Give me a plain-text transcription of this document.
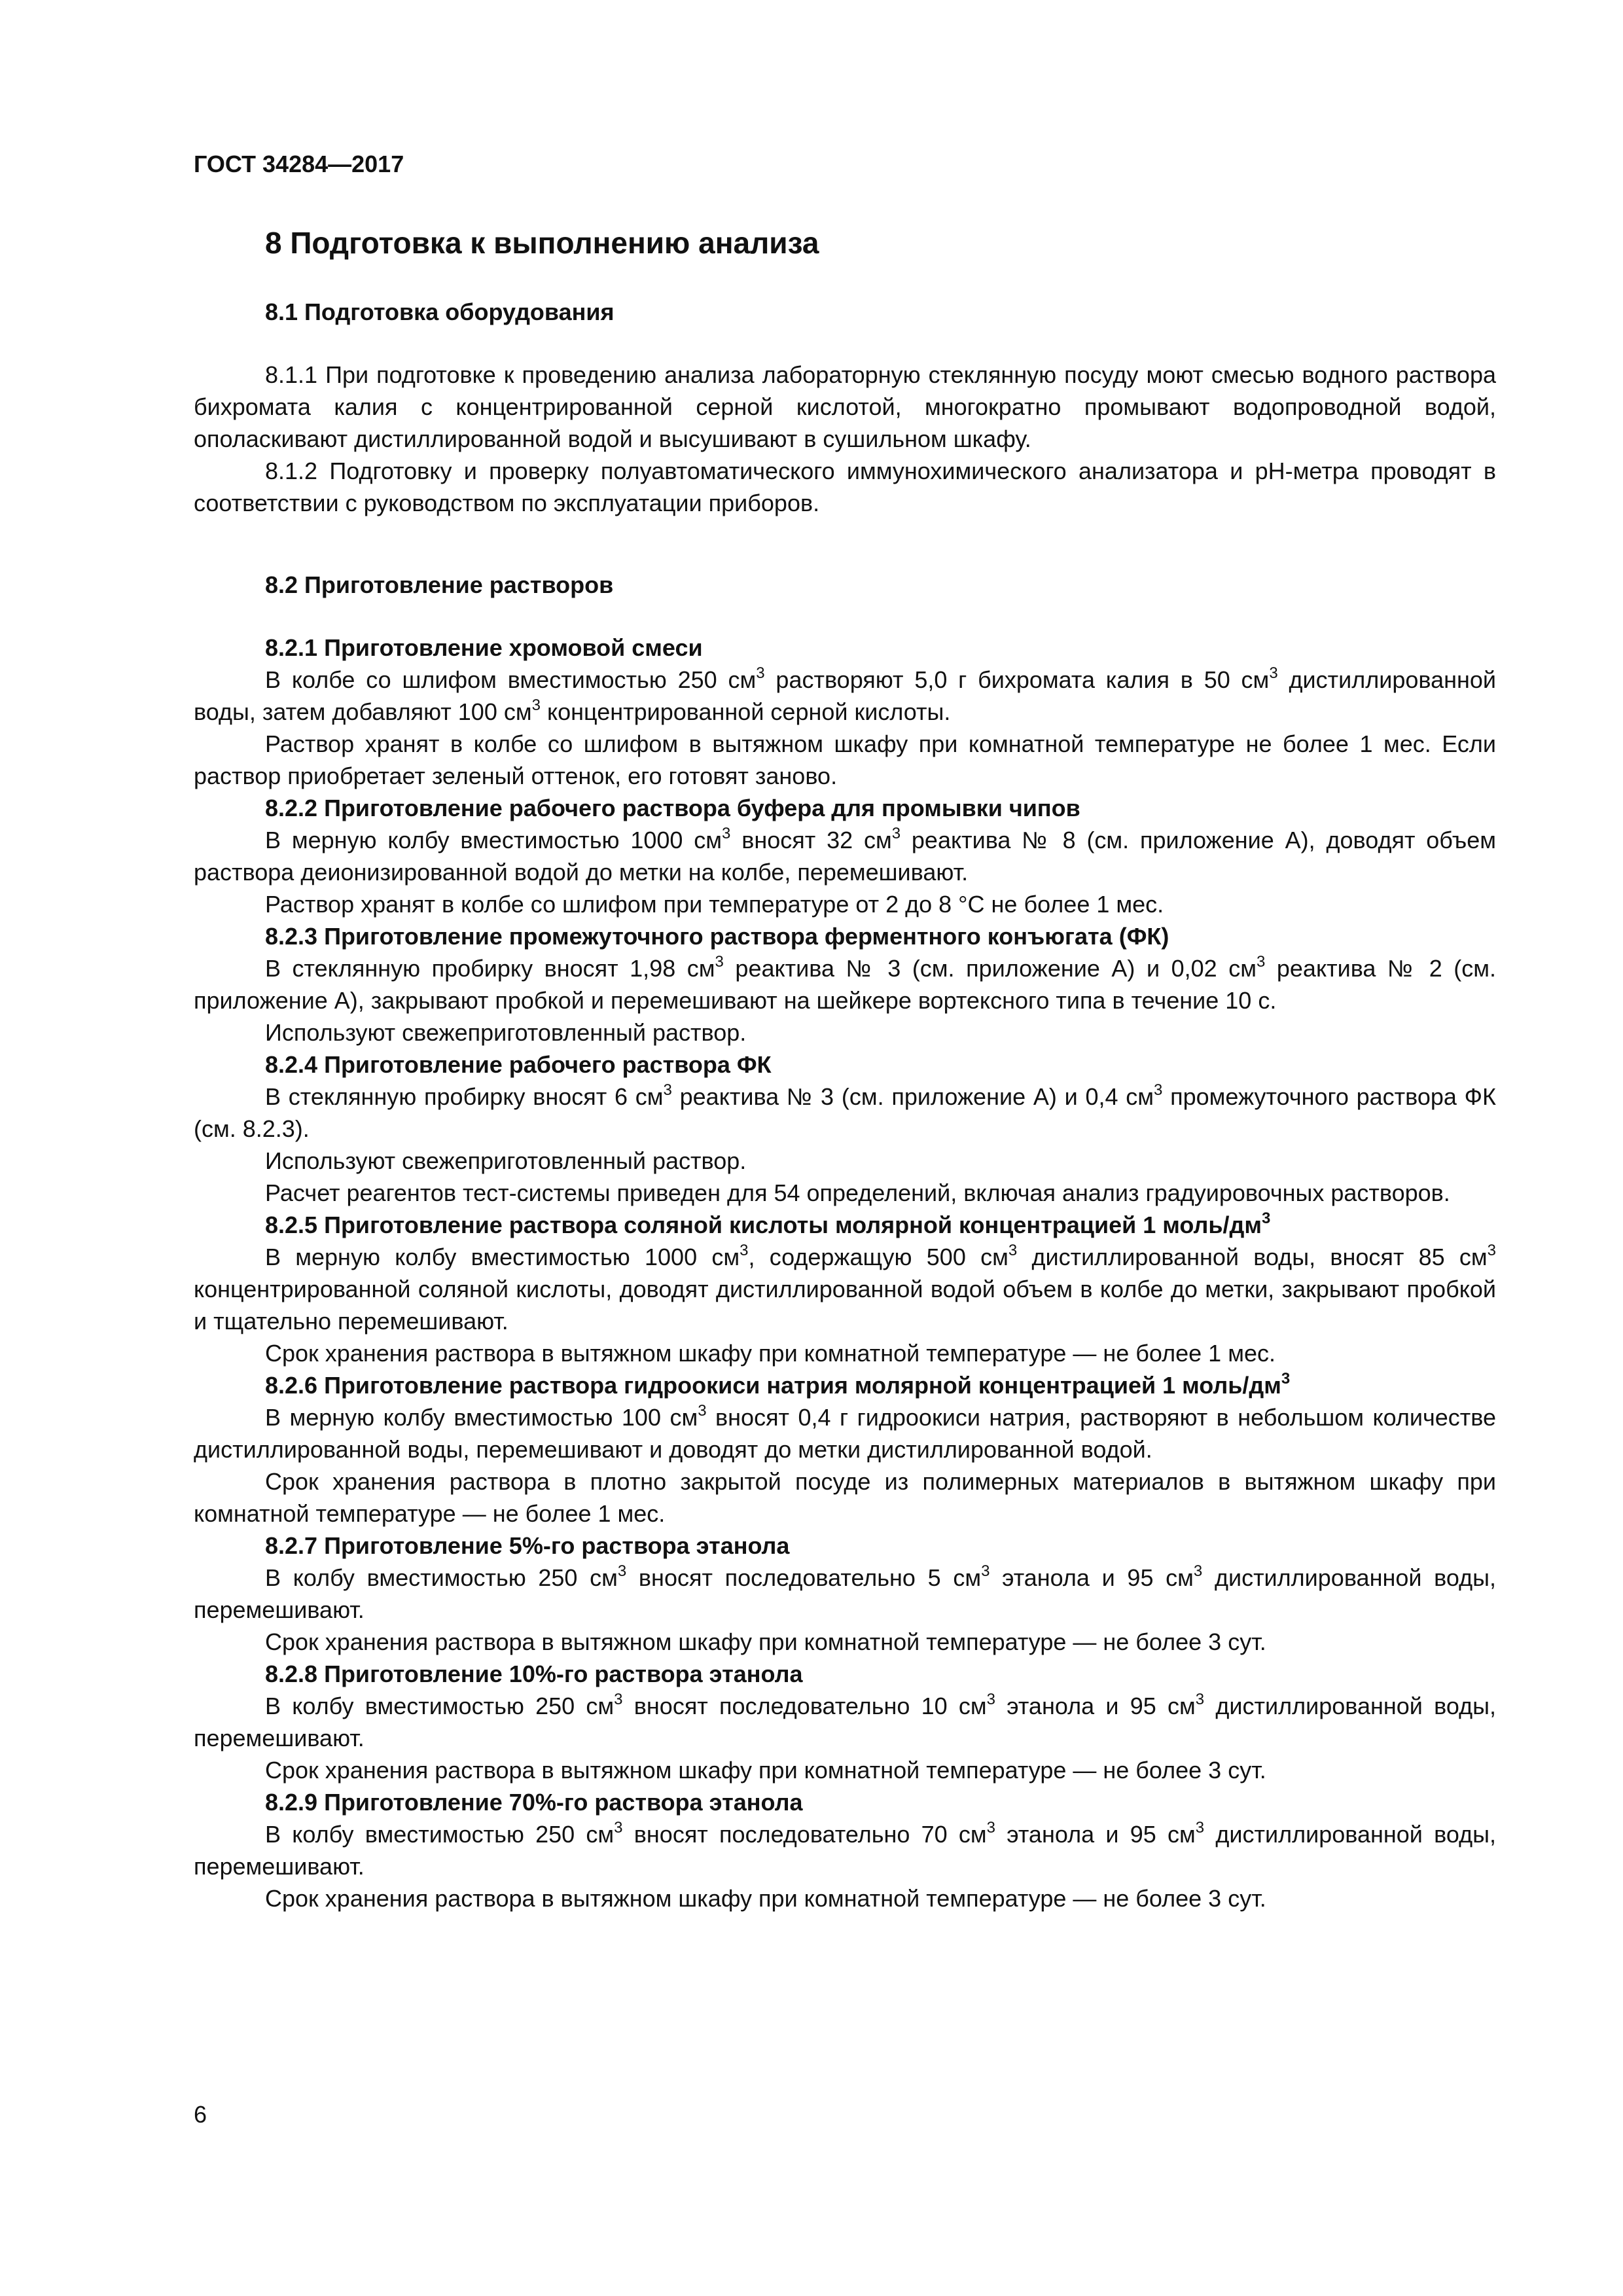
ГОСТ 34284—2017
8 Подготовка к выполнению анализа
8.1 Подготовка оборудования

8.1.1 При подготовке к проведению анализа лабораторную стеклянную посуду моют смесью водного раствора бихромата калия с концентрированной серной кислотой, многократно промывают водопроводной водой, ополаскивают дистиллированной водой и высушивают в сушильном шкафу.

8.1.2 Подготовку и проверку полуавтоматического иммунохимического анализатора и рН-метра проводят в соответствии с руководством по эксплуатации приборов.

8.2 Приготовление растворов
8.2.1 Приготовление хромовой смеси

В колбе со шлифом вместимостью 250 $см^3$ растворяют 5,0 г бихромата калия в 50 $см^3$ дистиллированной воды, затем добавляют 100 $см^3$ концентрированной серной кислоты.

Раствор хранят в колбе со шлифом в вытяжном шкафу при комнатной температуре не более 1 мес. Если раствор приобретает зеленый оттенок, его готовят заново.

8.2.2 Приготовление рабочего раствора буфера для промывки чипов

В мерную колбу вместимостью 1000 $см^3$ вносят 32 $см^3$ реактива № 8 (см. приложение А), доводят объем раствора деионизированной водой до метки на колбе, перемешивают.

Раствор хранят в колбе со шлифом при температуре от 2 до 8 °С не более 1 мес.

8.2.3 Приготовление промежуточного раствора ферментного конъюгата (ФК)

В стеклянную пробирку вносят 1,98 $см^3$ реактива № 3 (см. приложение А) и 0,02 $см^3$ реактива № 2 (см. приложение А), закрывают пробкой и перемешивают на шейкере вортексного типа в течение 10 с.

Используют свежеприготовленный раствор.

8.2.4 Приготовление рабочего раствора ФК

В стеклянную пробирку вносят 6 $см^3$ реактива № 3 (см. приложение А) и 0,4 $см^3$ промежуточного раствора ФК (см. 8.2.3).

Используют свежеприготовленный раствор.

Расчет реагентов тест-системы приведен для 54 определений, включая анализ градуировочных растворов.

8.2.5 Приготовление раствора соляной кислоты молярной концентрацией 1 моль/$дм^3$

В мерную колбу вместимостью 1000 $см^3$, содержащую 500 $см^3$ дистиллированной воды, вносят 85 $см^3$ концентрированной соляной кислоты, доводят дистиллированной водой объем в колбе до метки, закрывают пробкой и тщательно перемешивают.

Срок хранения раствора в вытяжном шкафу при комнатной температуре — не более 1 мес.

8.2.6 Приготовление раствора гидроокиси натрия молярной концентрацией 1 моль/$дм^3$

В мерную колбу вместимостью 100 $см^3$ вносят 0,4 г гидроокиси натрия, растворяют в небольшом количестве дистиллированной воды, перемешивают и доводят до метки дистиллированной водой.

Срок хранения раствора в плотно закрытой посуде из полимерных материалов в вытяжном шкафу при комнатной температуре — не более 1 мес.

8.2.7 Приготовление 5%-го раствора этанола

В колбу вместимостью 250 $см^3$ вносят последовательно 5 $см^3$ этанола и 95 $см^3$ дистиллированной воды, перемешивают.

Срок хранения раствора в вытяжном шкафу при комнатной температуре — не более 3 сут.

8.2.8 Приготовление 10%-го раствора этанола

В колбу вместимостью 250 $см^3$ вносят последовательно 10 $см^3$ этанола и 95 $см^3$ дистиллированной воды, перемешивают.

Срок хранения раствора в вытяжном шкафу при комнатной температуре — не более 3 сут.

8.2.9 Приготовление 70%-го раствора этанола

В колбу вместимостью 250 $см^3$ вносят последовательно 70 $см^3$ этанола и 95 $см^3$ дистиллированной воды, перемешивают.

Срок хранения раствора в вытяжном шкафу при комнатной температуре — не более 3 сут.

6
